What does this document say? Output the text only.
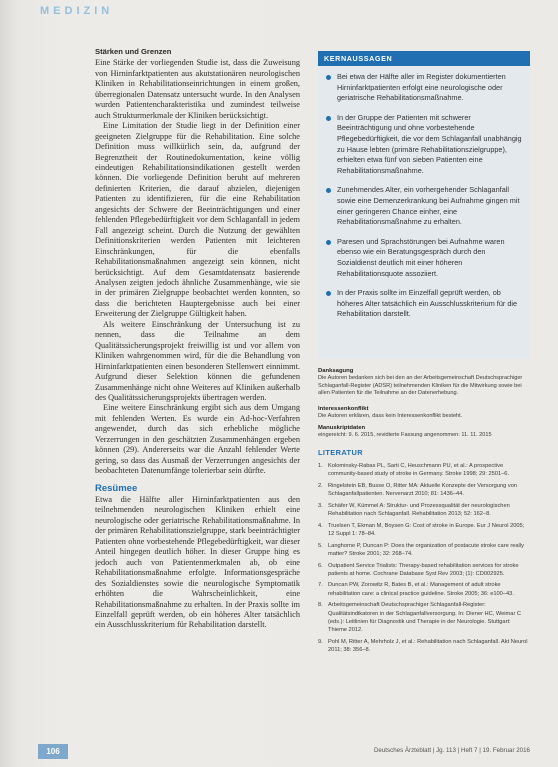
MEDIZIN
Stärken und Grenzen

Eine Stärke der vorliegenden Studie ist, dass die Zuweisung von Hirninfarktpatienten aus akutstationären neurologischen Kliniken in Rehabilitationseinrichtungen in einem großen, überregionalen Datensatz untersucht wurde. In den Analysen wurden Patientencharakteristika und zumindest teilweise auch Strukturmerkmale der Kliniken berücksichtigt.

Eine Limitation der Studie liegt in der Definition einer geeigneten Zielgruppe für die Rehabilitation. Eine solche Definition muss willkürlich sein, da, aufgrund der Begrenztheit der Routinedokumentation, keine völlig eindeutigen Rehabilitationsindikationen gestellt werden können. Die vorliegende Definition beruht auf mehreren definierten Kriterien, die darauf abzielen, diejenigen Patienten zu identifizieren, für die eine Rehabilitation angesichts der Schwere der Beeinträchtigungen und einer fehlenden Pflegebedürftigkeit vor dem Schlaganfall in jedem Fall angezeigt scheint. Durch die Nutzung der gewählten Definitionskriterien werden Patienten mit leichteren Einschränkungen, für die ebenfalls Rehabilitationsmaßnahmen angezeigt sein können, nicht berücksichtigt. Auf dem Gesamtdatensatz basierende Analysen zeigten jedoch ähnliche Zusammenhänge, wie sie in der primären Zielgruppe beobachtet werden konnten, so dass die berichteten Hauptergebnisse auch bei einer Erweiterung der Zielgruppe Gültigkeit haben.

Als weitere Einschränkung der Untersuchung ist zu nennen, dass die Teilnahme an dem Qualitätssicherungsprojekt freiwillig ist und vor allem von Kliniken wahrgenommen wird, für die die Behandlung von Hirninfarktpatienten einen besonderen Stellenwert einnimmt. Aufgrund dieser Selektion können die gefundenen Zusammenhänge nicht ohne Weiteres auf Kliniken außerhalb des Qualitätssicherungsprojekts übertragen werden.

Eine weitere Einschränkung ergibt sich aus dem Umgang mit fehlenden Werten. Es wurde ein Ad-hoc-Verfahren angewendet, durch das sich erhebliche mögliche Verzerrungen in den geschätzten Zusammenhängen ergeben können (29). Andererseits war die Anzahl fehlender Werte gering, so dass das Ausmaß der Verzerrungen angesichts der beobachteten Datenumfänge tolerierbar sein dürfte.

Resümee

Etwa die Hälfte aller Hirninfarktpatienten aus den teilnehmenden neurologischen Kliniken erhielt eine neurologische oder geriatrische Rehabilitationsmaßnahme. In der primären Rehabilitationszielgruppe, stark beeinträchtigter Patienten ohne vorbestehende Pflegebedürftigkeit, war dieser Anteil hingegen deutlich höher. In dieser Gruppe hing es jedoch auch von Patientenmerkmalen ab, ob eine Rehabilitationsmaßnahme erfolgte. Informationsgespräche des Sozialdienstes sowie die neurologische Symptomatik erhöhten die Wahrscheinlichkeit, eine Rehabilitationsmaßnahme zu erhalten. In der Praxis sollte im Einzelfall geprüft werden, ob ein höheres Alter tatsächlich ein Ausschlusskriterium für Rehabilitation darstellt.

KERNAUSSAGEN
Bei etwa der Hälfte aller im Register dokumentierten Hirninfarktpatienten erfolgt eine neurologische oder geriatrische Rehabilitationsmaßnahme.
In der Gruppe der Patienten mit schwerer Beeinträchtigung und ohne vorbestehende Pflegebedürftigkeit, die vor dem Schlaganfall unabhängig zu Hause lebten (primäre Rehabilitationszielgruppe), erhielten etwa fünf von sieben Patienten eine Rehabilitationsmaßnahme.
Zunehmendes Alter, ein vorhergehender Schlaganfall sowie eine Demenzerkrankung bei Aufnahme gingen mit einer geringeren Chance einher, eine Rehabilitationsmaßnahme zu erhalten.
Paresen und Sprachstörungen bei Aufnahme waren ebenso wie ein Beratungsgespräch durch den Sozialdienst deutlich mit einer höheren Rehabilitationsquote assoziiert.
In der Praxis sollte im Einzelfall geprüft werden, ob höheres Alter tatsächlich ein Ausschlusskriterium für die Rehabilitation darstellt.
Danksagung
Die Autoren bedanken sich bei den an der Arbeitsgemeinschaft Deutschsprachiger Schlaganfall-Register (ADSR) teilnehmenden Kliniken für die Mitwirkung sowie bei allen Patienten für die Teilnahme an der Datenerhebung.
Interessenkonflikt
Die Autoren erklären, dass kein Interessenkonflikt besteht.
Manuskriptdaten
eingereicht: 9. 6. 2015, revidierte Fassung angenommen: 11. 11. 2015
LITERATUR
1. Kolominsky-Rabas PL, Sarti C, Heuschmann PU, et al.: A prospective community-based study of stroke in Germany. Stroke 1998; 29: 2501–6.
2. Ringelstein EB, Busse O, Ritter MA: Aktuelle Konzepte der Versorgung von Schlaganfallpatienten. Nervenarzt 2010; 81: 1436–44.
3. Schäfer W, Kümmel A: Struktur- und Prozessqualität der neurologischen Rehabilitation nach Schlaganfall. Rehabilitation 2013; 52: 162–8.
4. Truelsen T, Ekman M, Boysen G: Cost of stroke in Europe. Eur J Neurol 2005; 12 Suppl 1: 78–84.
5. Langhorne P, Duncan P: Does the organization of postacute stroke care really matter? Stroke 2001; 32: 268–74.
6. Outpatient Service Trialists: Therapy-based rehabilitation services for stroke patients at home. Cochrane Database Syst Rev 2003; (1): CD002925.
7. Duncan PW, Zorowitz R, Bates B, et al.: Management of adult stroke rehabilitation care: a clinical practice guideline. Stroke 2005; 36: e100–43.
8. Arbeitsgemeinschaft Deutschsprachiger Schlaganfall-Register: Qualitätsindikatoren in der Schlaganfallversorgung. In: Diener HC, Weimar C (eds.): Leitlinien für Diagnostik und Therapie in der Neurologie. Stuttgart: Thieme 2012.
9. Pohl M, Ritter A, Mehrholz J, et al.: Rehabilitation nach Schlaganfall. Akt Neurol 2011; 38: 356–8.
106	Deutsches Ärzteblatt | Jg. 113 | Heft 7 | 19. Februar 2016
